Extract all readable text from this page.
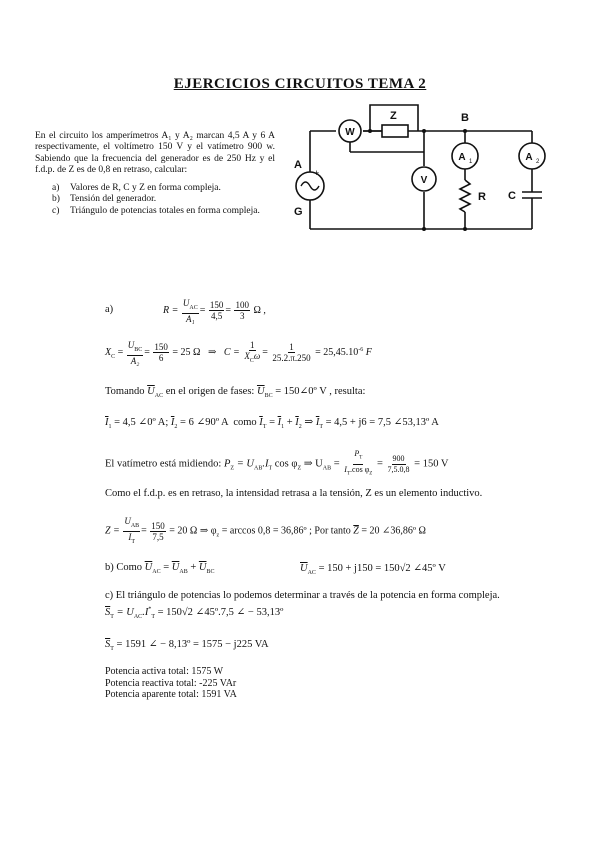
EJERCICIOS CIRCUITOS TEMA 2
En el circuito los amperímetros A₁ y A₂ marcan 4,5 A y 6 A respectivamente, el voltímetro 150 V y el vatímetro 900 w. Sabiendo que la frecuencia del generador es de 250 Hz y el f.d.p. de Z es de 0,8 en retraso, calcular:
a)	Valores de R, C y Z en forma compleja.
b)	Tensión del generador.
c)	Triángulo de potencias totales en forma compleja.
+
W
V
A 1	A 2
A
G
B
Z
R C
a)	$R = \frac{U_{AC}}{\text{A₁}} = \frac{150}{4,5} = \frac{100}{3}$ Ω ,
$X_C = \frac{U_{BC}}{\text{A₂}} = \frac{150}{6} = 25$ Ω ⇒ $C = \frac{1}{X_C\omega} = \frac{1}{25.2.\pi.250} = 25,45.10^{-6}$ F
Tomando $\overline{U}_{AC}$ en el origen de fases: $\overline{U}_{BC}$ = 150∠0º V , resulta:
$\overline{I}_1 = 4,5$ ∠0º A; $\overline{I}_2 = 6$ ∠90º A como $\overline{I}_T = \overline{I}_1 + \overline{I}_2$ ⇒ $\overline{I}_T = 4,5 + j6 = 7,5$ ∠53,13º A
El vatímetro está midiendo: $P_Z = U_{AB}.I_T$ $\cos \varphi_Z$ ⇒ $U_{AB} = \frac{P_T}{I_T.\cos \varphi_Z} = \frac{900}{7,5.0,8} = 150$ V
Como el f.d.p. es en retraso, la intensidad retrasa a la tensión, Z es un elemento inductivo.
$Z = \frac{U_{AB}}{I_T} = \frac{150}{7,5} = 20$ Ω ⇒ $\varphi_z = \arccos 0,8$ = 36,86º ; Por tanto $\overline{Z} = 20$ ∠36,86º Ω
b) Como $\overline{U}_{AC} = \overline{U}_{AB} + \overline{U}_{BC}$	$\overline{U}_{AC} = 150 + j150 = 150√2$ ∠45º V
c) El triángulo de potencias lo podemos determinar a través de la potencia en forma compleja.
$\overline{S}_T = U_{AC}.I^*_T = 150√2$ ∠45º.7,5 ∠ − 53,13º
$\overline{S}_T = 1591$ ∠ − 8,13º = 1575 − j225 VA
Potencia activa total: 1575 W
Potencia reactiva total: -225 VAr
Potencia aparente total: 1591 VA
